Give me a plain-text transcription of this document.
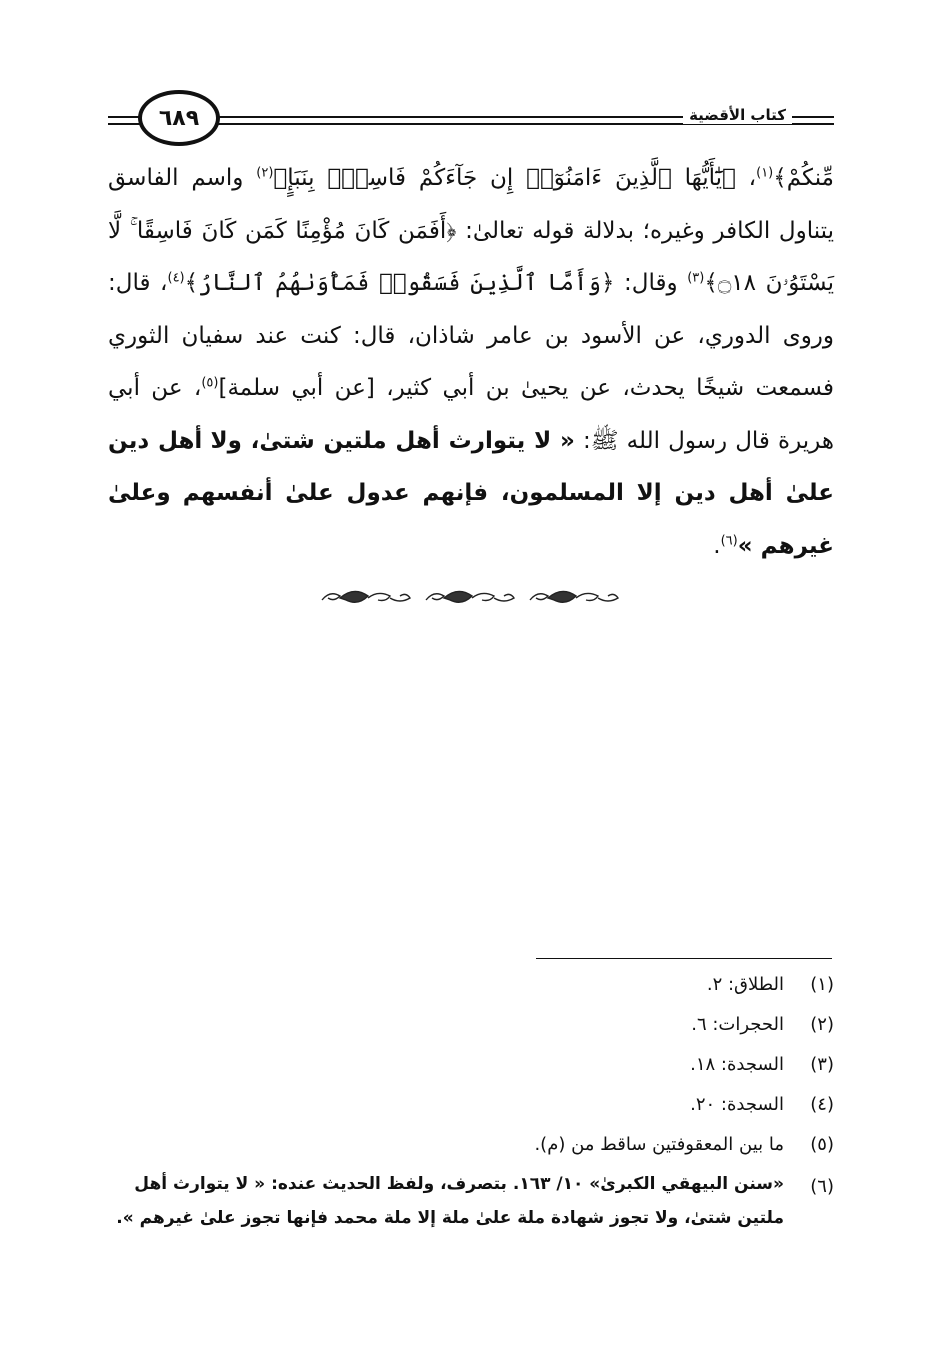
٦٨٩	كتاب الأقضية
مِّنكُمْ﴾$^{(١)}$، ﴿يَٰٓأَيُّهَا ٱلَّذِينَ ءَامَنُوٓا۟ إِن جَآءَكُمْ فَاسِقٌۢ بِنَبَإٍ﴾$^{(٢)}$ واسم الفاسق يتناول الكافر وغيره؛ بدلالة قوله تعالىٰ: ﴿أَفَمَن كَانَ مُؤْمِنًا كَمَن كَانَ فَاسِقًا ۚ لَّا يَسْتَوُۥنَ ۝١٨﴾$^{(٣)}$ وقال: ﴿وَأَمَّا ٱلَّذِينَ فَسَقُوا۟ فَمَأْوَىٰهُمُ ٱلنَّارُ﴾$^{(٤)}$، قال: وروى الدوري، عن الأسود بن عامر شاذان، قال: كنت عند سفيان الثوري فسمعت شيخًا يحدث، عن يحيىٰ بن أبي كثير، [عن أبي سلمة]$^{(٥)}$، عن أبي هريرة قال رسول الله ﷺ: « لا يتوارث أهل ملتين شتىٰ، ولا أهل دين علىٰ أهل دين إلا المسلمون، فإنهم عدول علىٰ أنفسهم وعلىٰ غيرهم »$^{(٦)}$.
(١)
الطلاق: ٢.
(٢)
الحجرات: ٦.
(٣)
السجدة: ١٨.
(٤)
السجدة: ٢٠.
(٥)
ما بين المعقوفتين ساقط من (م).
(٦)
«سنن البيهقي الكبرىٰ» ١٠/ ١٦٣. بتصرف، ولفظ الحديث عنده: « لا يتوارث أهل ملتين شتىٰ، ولا تجوز شهادة ملة علىٰ ملة إلا ملة محمد فإنها تجوز علىٰ غيرهم ».
